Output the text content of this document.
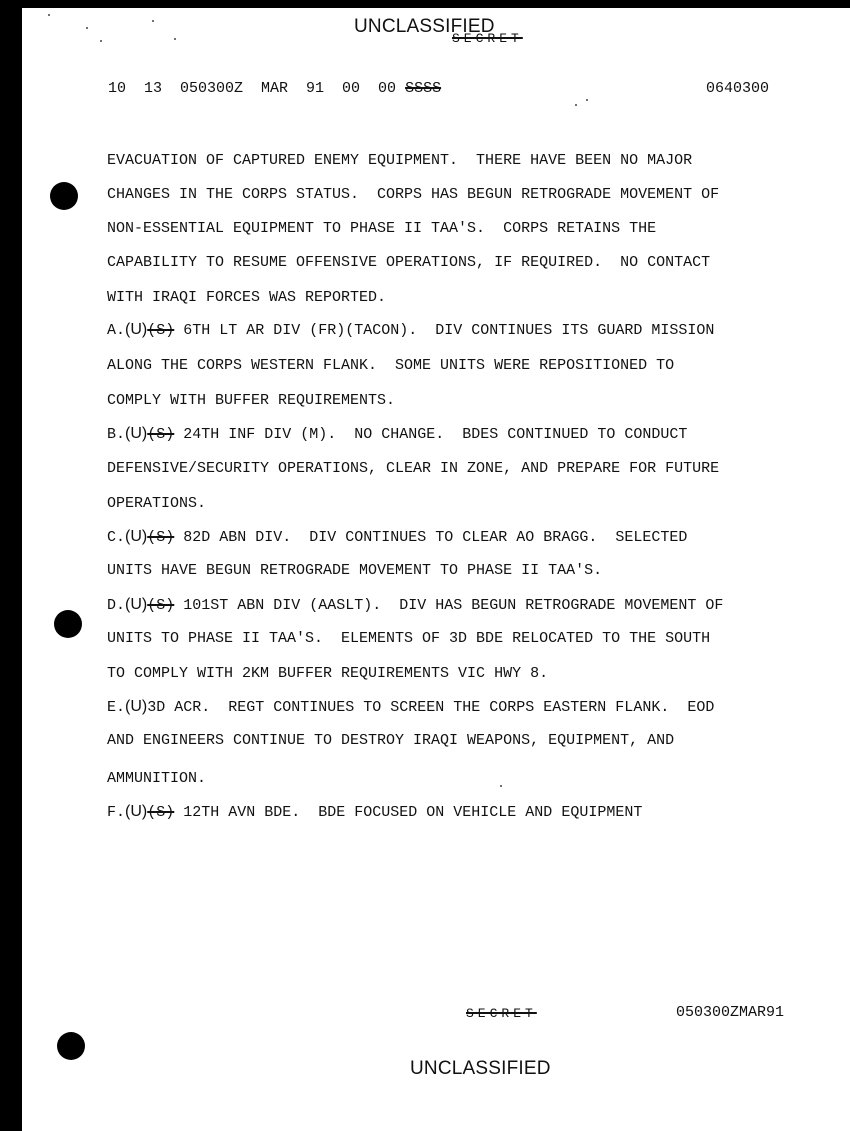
UNCLASSIFIED
SECRET
10  13  050300Z  MAR  91  00  00 SSSS	0640300
EVACUATION OF CAPTURED ENEMY EQUIPMENT.  THERE HAVE BEEN NO MAJOR
CHANGES IN THE CORPS STATUS.  CORPS HAS BEGUN RETROGRADE MOVEMENT OF
NON-ESSENTIAL EQUIPMENT TO PHASE II TAA'S.  CORPS RETAINS THE
CAPABILITY TO RESUME OFFENSIVE OPERATIONS, IF REQUIRED.  NO CONTACT
WITH IRAQI FORCES WAS REPORTED.
A.(U)(S) 6TH LT AR DIV (FR)(TACON).  DIV CONTINUES ITS GUARD MISSION
ALONG THE CORPS WESTERN FLANK.  SOME UNITS WERE REPOSITIONED TO
COMPLY WITH BUFFER REQUIREMENTS.
B.(U)(S) 24TH INF DIV (M).  NO CHANGE.  BDES CONTINUED TO CONDUCT
DEFENSIVE/SECURITY OPERATIONS, CLEAR IN ZONE, AND PREPARE FOR FUTURE
OPERATIONS.
C.(U)(S) 82D ABN DIV.  DIV CONTINUES TO CLEAR AO BRAGG.  SELECTED
UNITS HAVE BEGUN RETROGRADE MOVEMENT TO PHASE II TAA'S.
D.(U)(S) 101ST ABN DIV (AASLT).  DIV HAS BEGUN RETROGRADE MOVEMENT OF
UNITS TO PHASE II TAA'S.  ELEMENTS OF 3D BDE RELOCATED TO THE SOUTH
TO COMPLY WITH 2KM BUFFER REQUIREMENTS VIC HWY 8.
E.(U)3D ACR.  REGT CONTINUES TO SCREEN THE CORPS EASTERN FLANK.  EOD
AND ENGINEERS CONTINUE TO DESTROY IRAQI WEAPONS, EQUIPMENT, AND
AMMUNITION.
F.(U)(S) 12TH AVN BDE.  BDE FOCUSED ON VEHICLE AND EQUIPMENT
SECRET	050300ZMAR91
UNCLASSIFIED
